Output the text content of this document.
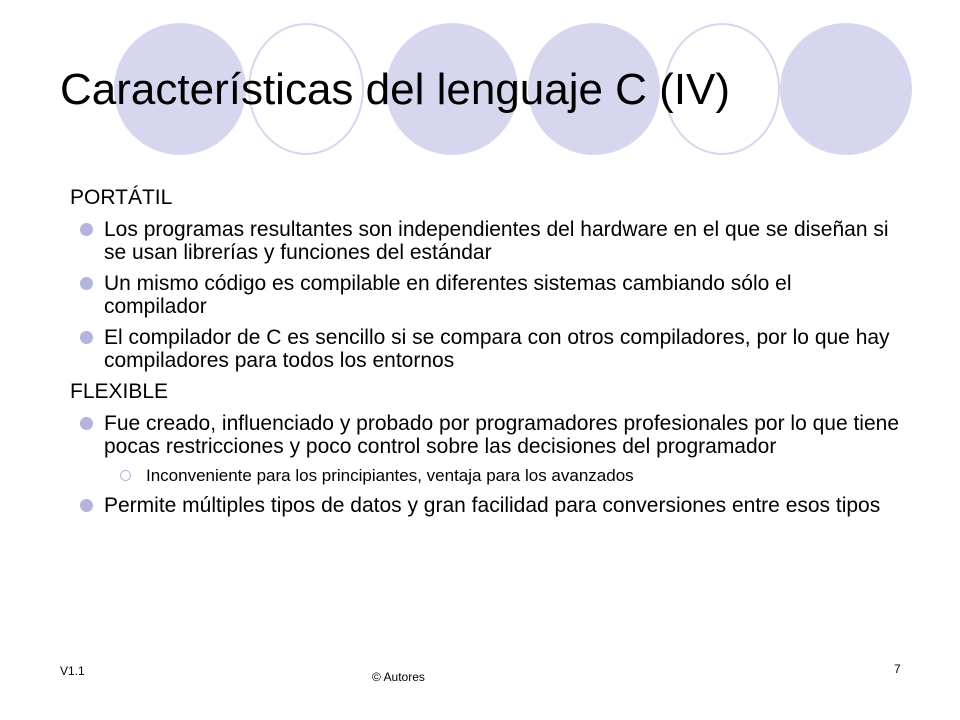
Características del lenguaje C (IV)
PORTÁTIL
Los programas resultantes son independientes del hardware en el que se diseñan si se usan librerías y funciones del estándar
Un mismo código es compilable en diferentes sistemas cambiando sólo el compilador
El compilador de C es sencillo si se compara con otros compiladores, por lo que hay compiladores para todos los entornos
FLEXIBLE
Fue creado, influenciado y probado por programadores profesionales por lo que tiene pocas restricciones y poco control sobre las decisiones del programador
Inconveniente para los principiantes, ventaja para los avanzados
Permite múltiples tipos de datos y gran facilidad para conversiones entre esos tipos
V1.1	© Autores
7
